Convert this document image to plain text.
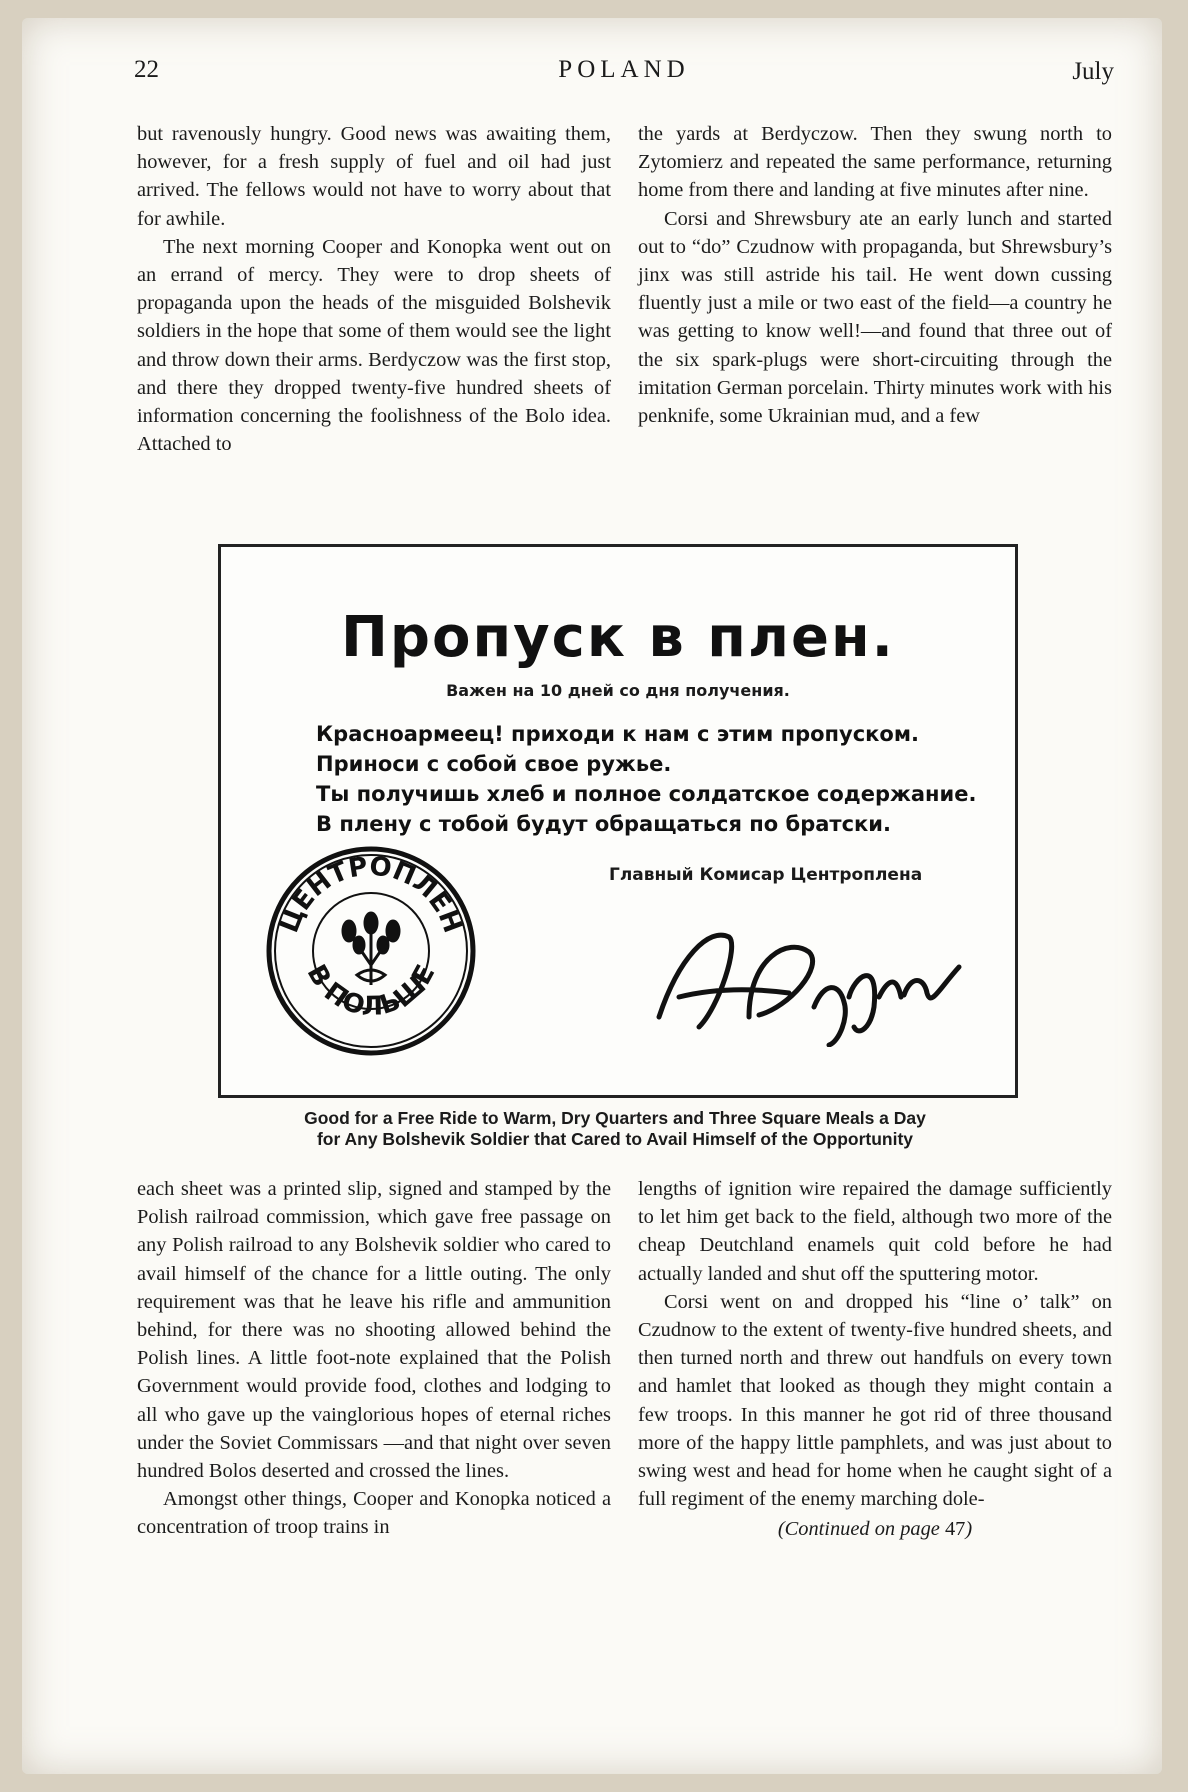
22	POLAND	July

but ravenously hungry. Good news was awaiting them, however, for a fresh supply of fuel and oil had just arrived. The fellows would not have to worry about that for awhile.

The next morning Cooper and Konopka went out on an errand of mercy. They were to drop sheets of propaganda upon the heads of the misguided Bolshevik soldiers in the hope that some of them would see the light and throw down their arms. Berdyczow was the first stop, and there they dropped twenty-five hundred sheets of information concerning the foolishness of the Bolo idea. Attached to

the yards at Berdyczow. Then they swung north to Zytomierz and repeated the same performance, returning home from there and landing at five minutes after nine.

Corsi and Shrewsbury ate an early lunch and started out to “do” Czudnow with propaganda, but Shrewsbury’s jinx was still astride his tail. He went down cussing fluently just a mile or two east of the field—a country he was getting to know well!—and found that three out of the six spark-plugs were short-circuiting through the imitation German porcelain. Thirty minutes work with his penknife, some Ukrainian mud, and a few

Пропуск в плен.
Важен на 10 дней со дня получения.
Красноармеец! приходи к нам с этим пропуском.
Приноси с собой свое ружье.
Ты получишь хлеб и полное солдатское содержание.
В плену с тобой будут обращаться по братски.
Главный Комисар Центроплена
ЦЕНТРОПЛЕН
В ПОЛЬШЕ
Good for a Free Ride to Warm, Dry Quarters and Three Square Meals a Day
for Any Bolshevik Soldier that Cared to Avail Himself of the Opportunity

each sheet was a printed slip, signed and stamped by the Polish railroad commission, which gave free passage on any Polish railroad to any Bolshevik soldier who cared to avail himself of the chance for a little outing. The only requirement was that he leave his rifle and ammunition behind, for there was no shooting allowed behind the Polish lines. A little foot-note explained that the Polish Government would provide food, clothes and lodging to all who gave up the vainglorious hopes of eternal riches under the Soviet Commissars —and that night over seven hundred Bolos deserted and crossed the lines.

Amongst other things, Cooper and Konopka noticed a concentration of troop trains in

lengths of ignition wire repaired the damage sufficiently to let him get back to the field, although two more of the cheap Deutchland enamels quit cold before he had actually landed and shut off the sputtering motor.

Corsi went on and dropped his “line o’ talk” on Czudnow to the extent of twenty-five hundred sheets, and then turned north and threw out handfuls on every town and hamlet that looked as though they might contain a few troops. In this manner he got rid of three thousand more of the happy little pamphlets, and was just about to swing west and head for home when he caught sight of a full regiment of the enemy marching dole-

(Continued on page 47)
